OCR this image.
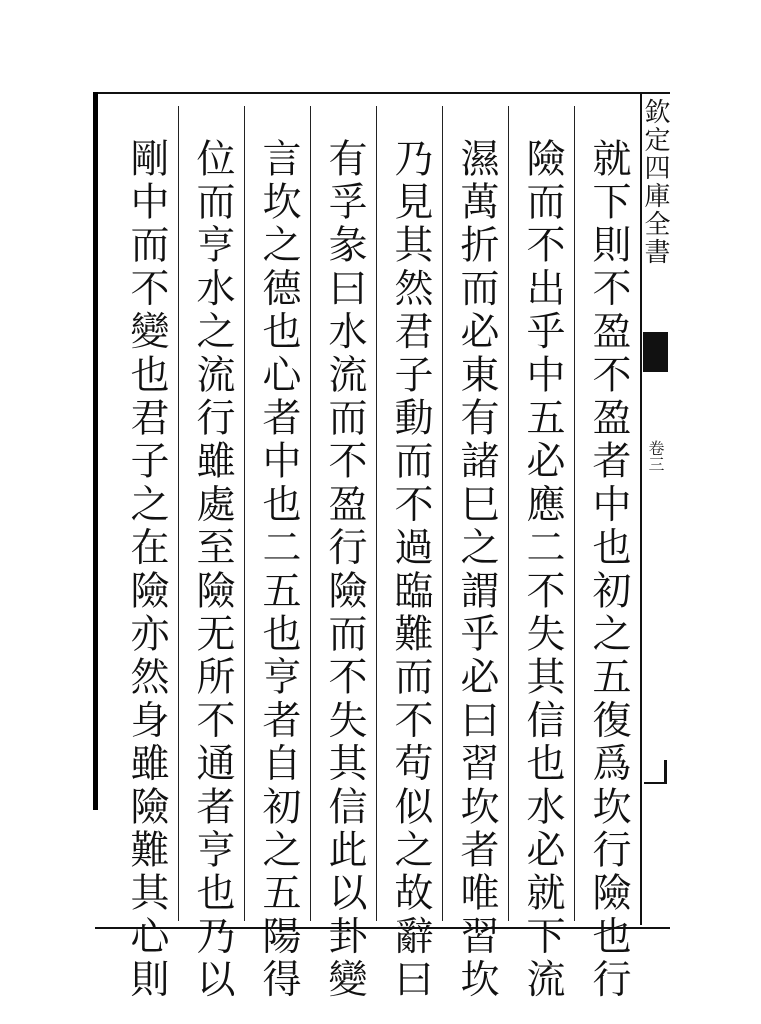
欽定四庫全書
卷三
就下則不盈不盈者中也初之五復爲坎行險也行
險而不出乎中五必應二不失其信也水必就下流
濕萬折而必東有諸巳之謂乎必曰習坎者唯習坎
乃見其然君子動而不過臨難而不苟似之故辭曰
有孚彖曰水流而不盈行險而不失其信此以卦變
言坎之德也心者中也二五也亨者自初之五陽得
位而亨水之流行雖處至險无所不通者亨也乃以
剛中而不變也君子之在險亦然身雖險難其心則
